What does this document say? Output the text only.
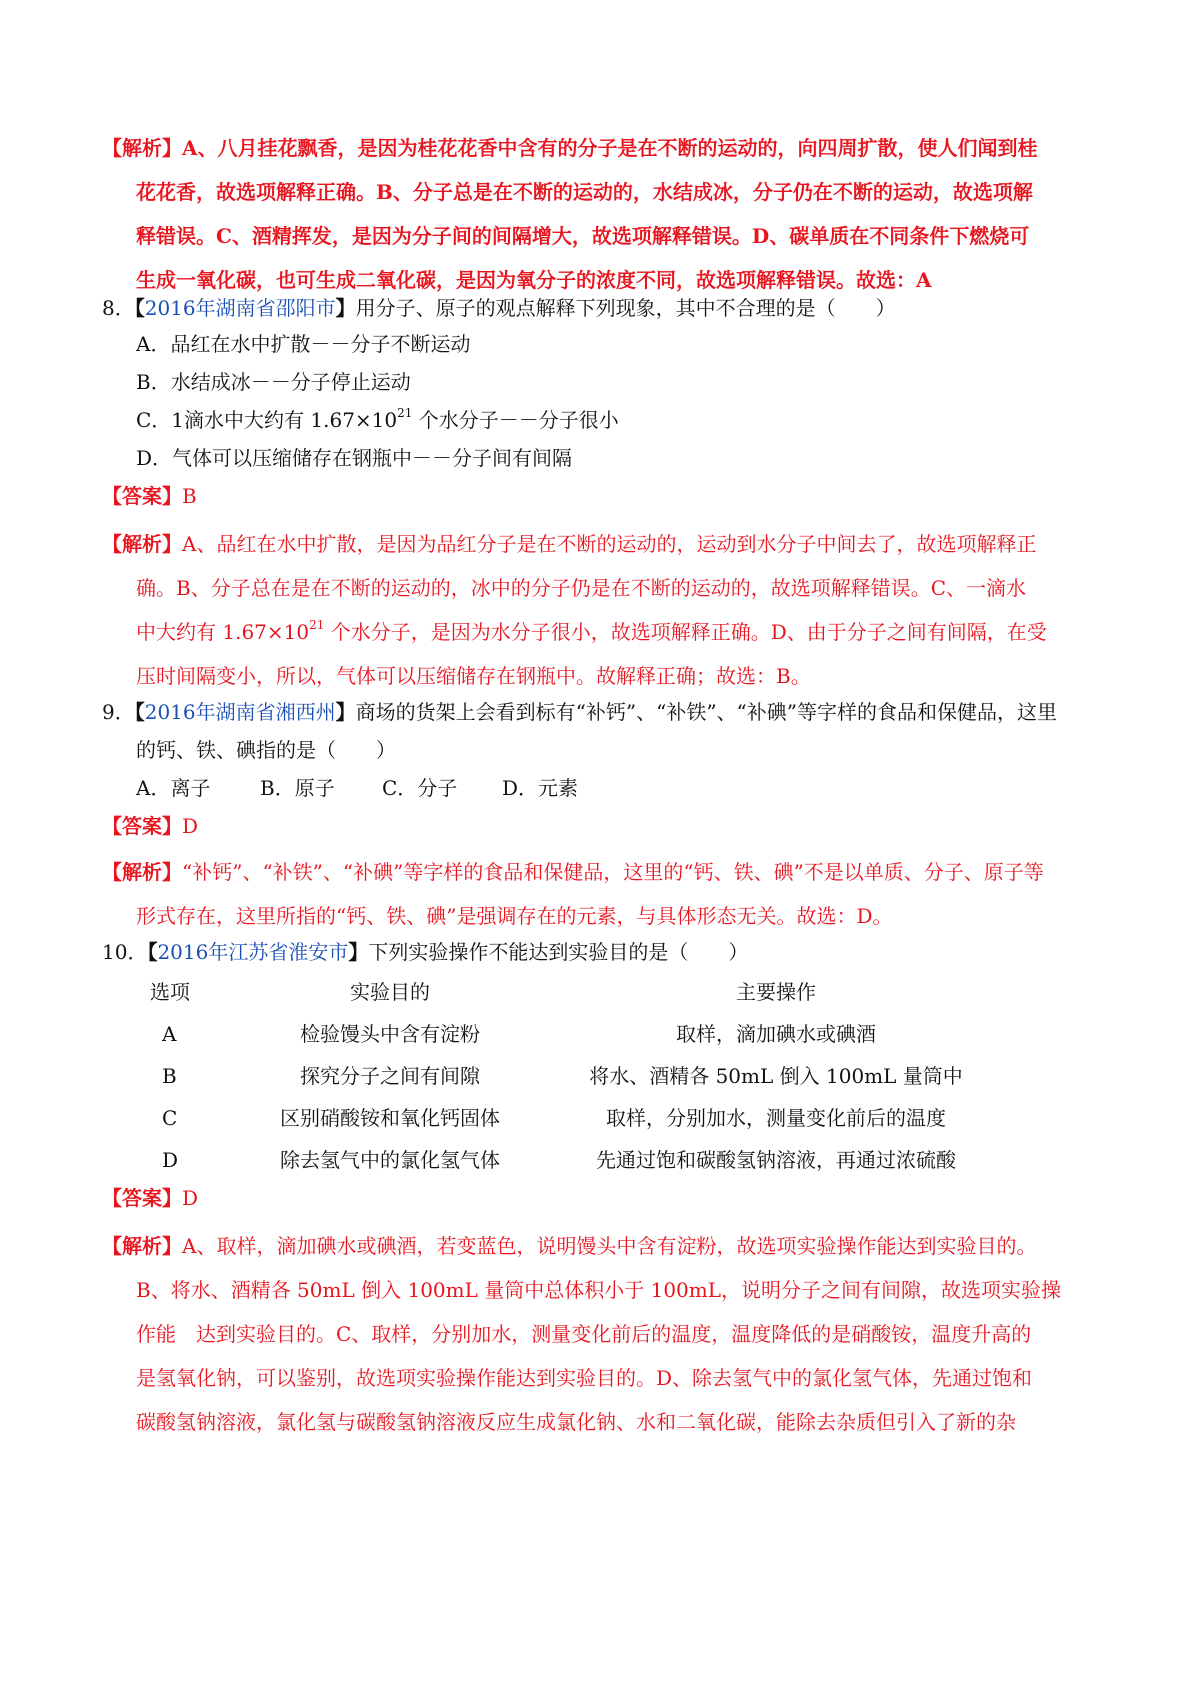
【解析】A、八月挂花飘香，是因为桂花花香中含有的分子是在不断的运动的，向四周扩散，使人们闻到桂
花花香，故选项解释正确。B、分子总是在不断的运动的，水结成冰，分子仍在不断的运动，故选项解
释错误。C、酒精挥发，是因为分子间的间隔增大，故选项解释错误。D、碳单质在不同条件下燃烧可
生成一氧化碳，也可生成二氧化碳，是因为氧分子的浓度不同，故选项解释错误。故选：A
8．【2016年湖南省邵阳市】用分子、原子的观点解释下列现象，其中不合理的是（　　）
A．品红在水中扩散－－分子不断运动
B．水结成冰－－分子停止运动
C．1滴水中大约有 $1.67\times 10^{21}$ 个水分子－－分子很小
D．气体可以压缩储存在钢瓶中－－分子间有间隔
【答案】B
【解析】A、品红在水中扩散，是因为品红分子是在不断的运动的，运动到水分子中间去了，故选项解释正
确。B、分子总在是在不断的运动的，冰中的分子仍是在不断的运动的，故选项解释错误。C、一滴水
中大约有 $1.67\times 10^{21}$ 个水分子，是因为水分子很小，故选项解释正确。D、由于分子之间有间隔，在受
压时间隔变小，所以，气体可以压缩储存在钢瓶中。故解释正确；故选：B。
9．【2016年湖南省湘西州】商场的货架上会看到标有“补钙”、“补铁”、“补碘”等字样的食品和保健品，这里
的钙、铁、碘指的是（　　）
A．离子 B．原子 C．分子 D．元素
【答案】D
【解析】“补钙”、“补铁”、“补碘”等字样的食品和保健品，这里的“钙、铁、碘”不是以单质、分子、原子等
形式存在，这里所指的“钙、铁、碘”是强调存在的元素，与具体形态无关。故选：D。
10．【2016年江苏省淮安市】下列实验操作不能达到实验目的是（　　）
选项	实验目的	主要操作
A	检验馒头中含有淀粉	取样，滴加碘水或碘酒
B	探究分子之间有间隙	将水、酒精各 50mL 倒入 100mL 量筒中
C	区别硝酸铵和氧化钙固体	取样，分别加水，测量变化前后的温度
D	除去氢气中的氯化氢气体	先通过饱和碳酸氢钠溶液，再通过浓硫酸
【答案】D
【解析】A、取样，滴加碘水或碘酒，若变蓝色，说明馒头中含有淀粉，故选项实验操作能达到实验目的。
B、将水、酒精各 50mL 倒入 100mL 量筒中总体积小于 100mL，说明分子之间有间隙，故选项实验操
作能　达到实验目的。C、取样，分别加水，测量变化前后的温度，温度降低的是硝酸铵，温度升高的
是氢氧化钠，可以鉴别，故选项实验操作能达到实验目的。D、除去氢气中的氯化氢气体，先通过饱和
碳酸氢钠溶液，氯化氢与碳酸氢钠溶液反应生成氯化钠、水和二氧化碳，能除去杂质但引入了新的杂
